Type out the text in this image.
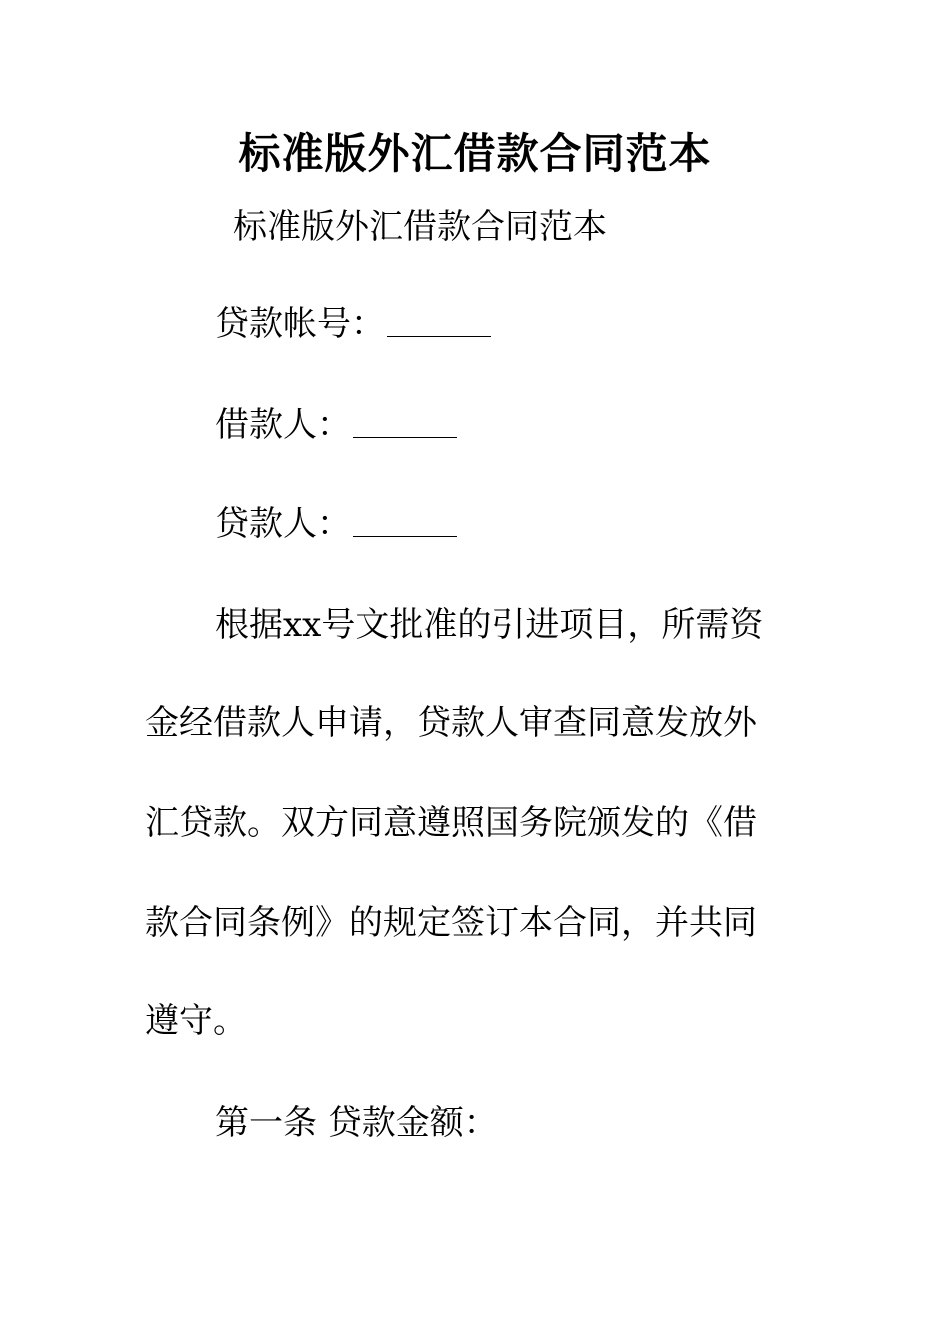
标准版外汇借款合同范本
标准版外汇借款合同范本
贷款帐号：
借款人：
贷款人：
根据xx号文批准的引进项目，所需资
金经借款人申请，贷款人审查同意发放外
汇贷款。双方同意遵照国务院颁发的《借
款合同条例》的规定签订本合同，并共同
遵守。
第一条 贷款金额：
